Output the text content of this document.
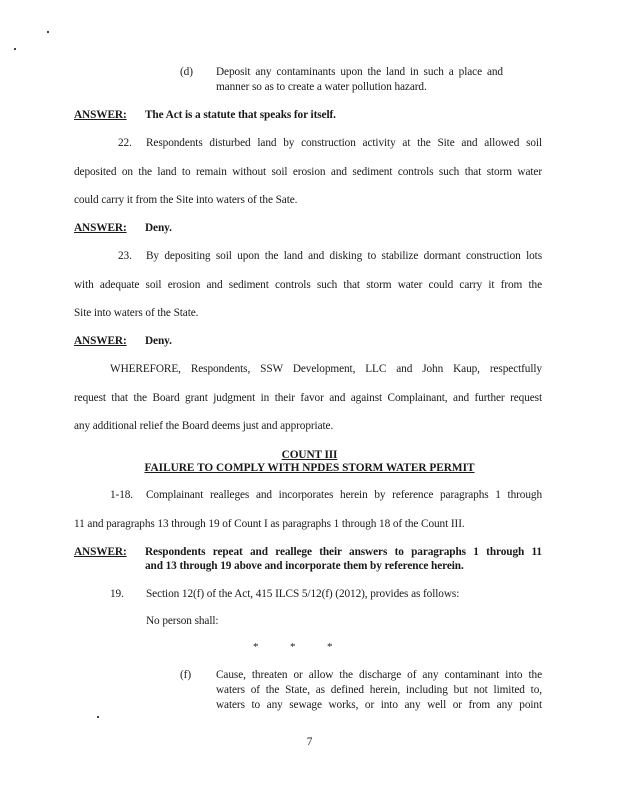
(d) Deposit any contaminants upon the land in such a place and
manner so as to create a water pollution hazard.
ANSWER: The Act is a statute that speaks for itself.
22. Respondents disturbed land by construction activity at the Site and allowed soil
deposited on the land to remain without soil erosion and sediment controls such that storm water
could carry it from the Site into waters of the Sate.
ANSWER: Deny.
23. By depositing soil upon the land and disking to stabilize dormant construction lots
with adequate soil erosion and sediment controls such that storm water could carry it from the
Site into waters of the State.
ANSWER: Deny.
WHEREFORE, Respondents, SSW Development, LLC and John Kaup, respectfully
request that the Board grant judgment in their favor and against Complainant, and further request
any additional relief the Board deems just and appropriate.
COUNT III
FAILURE TO COMPLY WITH NPDES STORM WATER PERMIT
1-18. Complainant realleges and incorporates herein by reference paragraphs 1 through
11 and paragraphs 13 through 19 of Count I as paragraphs 1 through 18 of the Count III.
ANSWER: Respondents repeat and reallege their answers to paragraphs 1 through 11
and 13 through 19 above and incorporate them by reference herein.
19. Section 12(f) of the Act, 415 ILCS 5/12(f) (2012), provides as follows:
No person shall:
*	*	*
(f) Cause, threaten or allow the discharge of any contaminant into the
waters of the State, as defined herein, including but not limited to,
waters to any sewage works, or into any well or from any point
7
